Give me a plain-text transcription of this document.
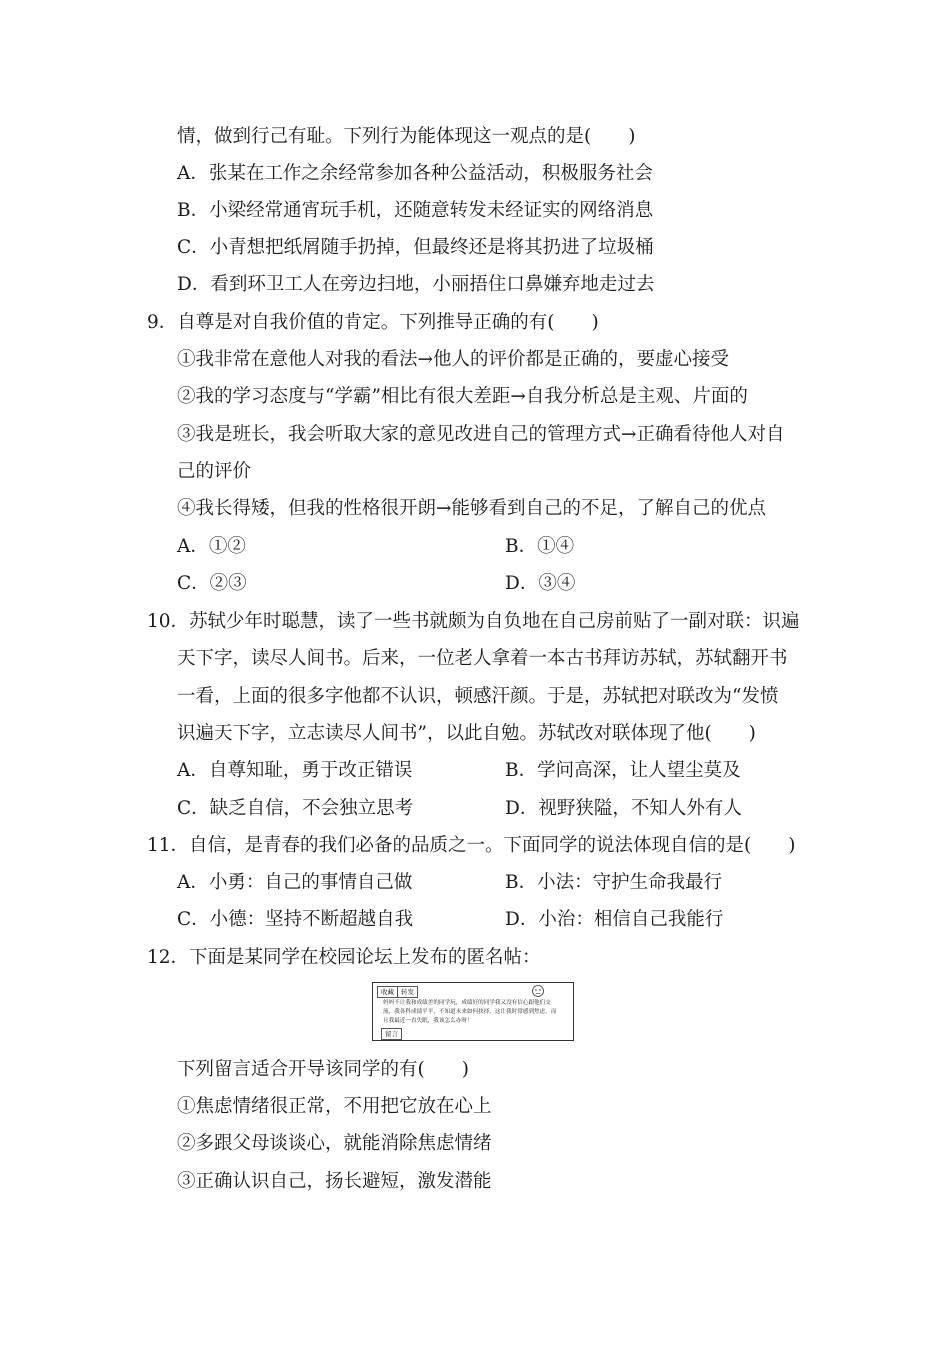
情，做到行己有耻。下列行为能体现这一观点的是(　　)
A．张某在工作之余经常参加各种公益活动，积极服务社会
B．小梁经常通宵玩手机，还随意转发未经证实的网络消息
C．小青想把纸屑随手扔掉，但最终还是将其扔进了垃圾桶
D．看到环卫工人在旁边扫地，小丽捂住口鼻嫌弃地走过去
9．自尊是对自我价值的肯定。下列推导正确的有(　　)
①我非常在意他人对我的看法→他人的评价都是正确的，要虚心接受
②我的学习态度与“学霸”相比有很大差距→自我分析总是主观、片面的
③我是班长，我会听取大家的意见改进自己的管理方式→正确看待他人对自
己的评价
④我长得矮，但我的性格很开朗→能够看到自己的不足，了解自己的优点
A．①②	B．①④
C．②③	D．③④
10．苏轼少年时聪慧，读了一些书就颇为自负地在自己房前贴了一副对联：识遍
天下字，读尽人间书。后来，一位老人拿着一本古书拜访苏轼，苏轼翻开书
一看，上面的很多字他都不认识，顿感汗颜。于是，苏轼把对联改为“发愤
识遍天下字，立志读尽人间书”，以此自勉。苏轼改对联体现了他(　　)
A．自尊知耻，勇于改正错误	B．学问高深，让人望尘莫及
C．缺乏自信，不会独立思考	D．视野狭隘，不知人外有人
11．自信，是青春的我们必备的品质之一。下面同学的说法体现自信的是(　　)
A．小勇：自己的事情自己做	B．小法：守护生命我最行
C．小德：坚持不断超越自我	D．小治：相信自己我能行
12．下面是某同学在校园论坛上发布的匿名帖：
收藏	转发
妈妈不让我和成绩差的同学玩，成绩好的同学我又没有信心跟他们交流，我各科成绩平平，不知道未来如何抉择，这让我时常感到焦虑，而且我最近一直失眠，我该怎么办呀！
留言
下列留言适合开导该同学的有(　　)
①焦虑情绪很正常，不用把它放在心上
②多跟父母谈谈心，就能消除焦虑情绪
③正确认识自己，扬长避短，激发潜能
